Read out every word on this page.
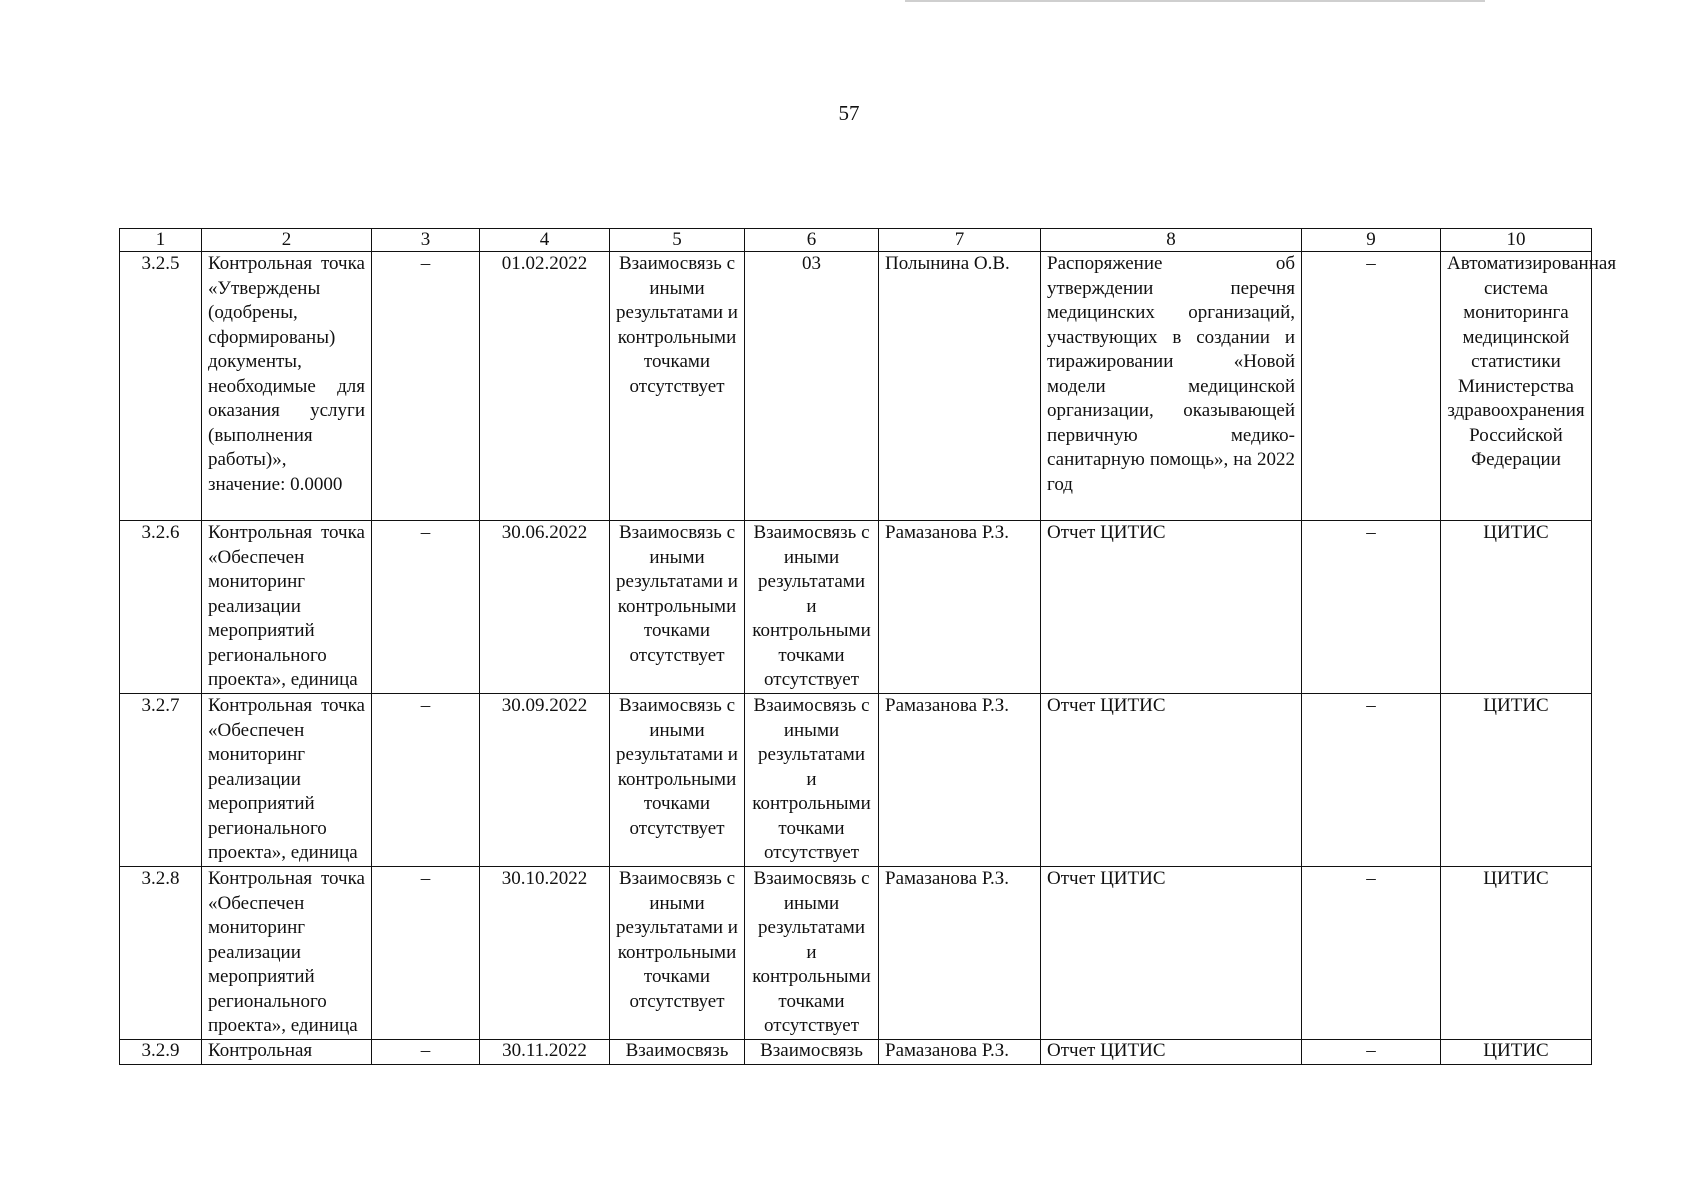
57
1	2	3	4	5	6	7	8	9	10
3.2.5	Контрольная точка «Утверждены (одобрены, сформированы) документы, необходимые для оказания услуги (выполнения работы)», значение: 0.0000	–	01.02.2022	Взаимосвязь с иными результатами и контрольными точками отсутствует	03	Полынина О.В.	Распоряжение об утверждении перечня медицинских организаций, участвующих в создании и тиражировании «Новой модели медицинской организации, оказывающей первичную медико-санитарную помощь», на 2022 год	–	Автоматизированная система мониторинга медицинской статистики Министерства здравоохранения Российской Федерации
3.2.6	Контрольная точка «Обеспечен мониторинг реализации мероприятий регионального проекта», единица	–	30.06.2022	Взаимосвязь с иными результатами и контрольными точками отсутствует	Взаимосвязь с иными результатами и контрольными точками отсутствует	Рамазанова Р.З.	Отчет ЦИТИС	–	ЦИТИС
3.2.7	Контрольная точка «Обеспечен мониторинг реализации мероприятий регионального проекта», единица	–	30.09.2022	Взаимосвязь с иными результатами и контрольными точками отсутствует	Взаимосвязь с иными результатами и контрольными точками отсутствует	Рамазанова Р.З.	Отчет ЦИТИС	–	ЦИТИС
3.2.8	Контрольная точка «Обеспечен мониторинг реализации мероприятий регионального проекта», единица	–	30.10.2022	Взаимосвязь с иными результатами и контрольными точками отсутствует	Взаимосвязь с иными результатами и контрольными точками отсутствует	Рамазанова Р.З.	Отчет ЦИТИС	–	ЦИТИС
3.2.9	Контрольная	–	30.11.2022	Взаимосвязь	Взаимосвязь	Рамазанова Р.З.	Отчет ЦИТИС	–	ЦИТИС
